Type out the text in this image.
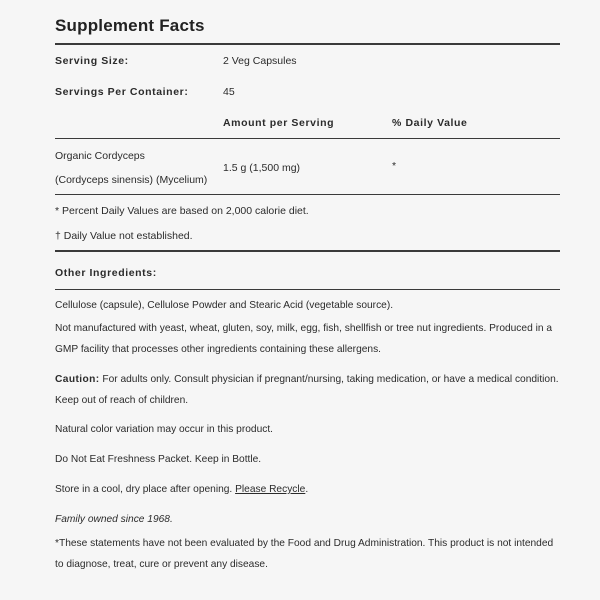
Supplement Facts
Serving Size:	2 Veg Capsules
Servings Per Container:	45
Amount per Serving	% Daily Value
Organic Cordyceps
(Cordyceps sinensis) (Mycelium)
1.5 g (1,500 mg)	*
* Percent Daily Values are based on 2,000 calorie diet.
† Daily Value not established.
Other Ingredients:
Cellulose (capsule), Cellulose Powder and Stearic Acid (vegetable source).
Not manufactured with yeast, wheat, gluten, soy, milk, egg, fish, shellfish or tree nut ingredients. Produced in a GMP facility that processes other ingredients containing these allergens.
Caution: For adults only. Consult physician if pregnant/nursing, taking medication, or have a medical condition. Keep out of reach of children.
Natural color variation may occur in this product.
Do Not Eat Freshness Packet. Keep in Bottle.
Store in a cool, dry place after opening. Please Recycle.
Family owned since 1968.
*These statements have not been evaluated by the Food and Drug Administration. This product is not intended to diagnose, treat, cure or prevent any disease.
